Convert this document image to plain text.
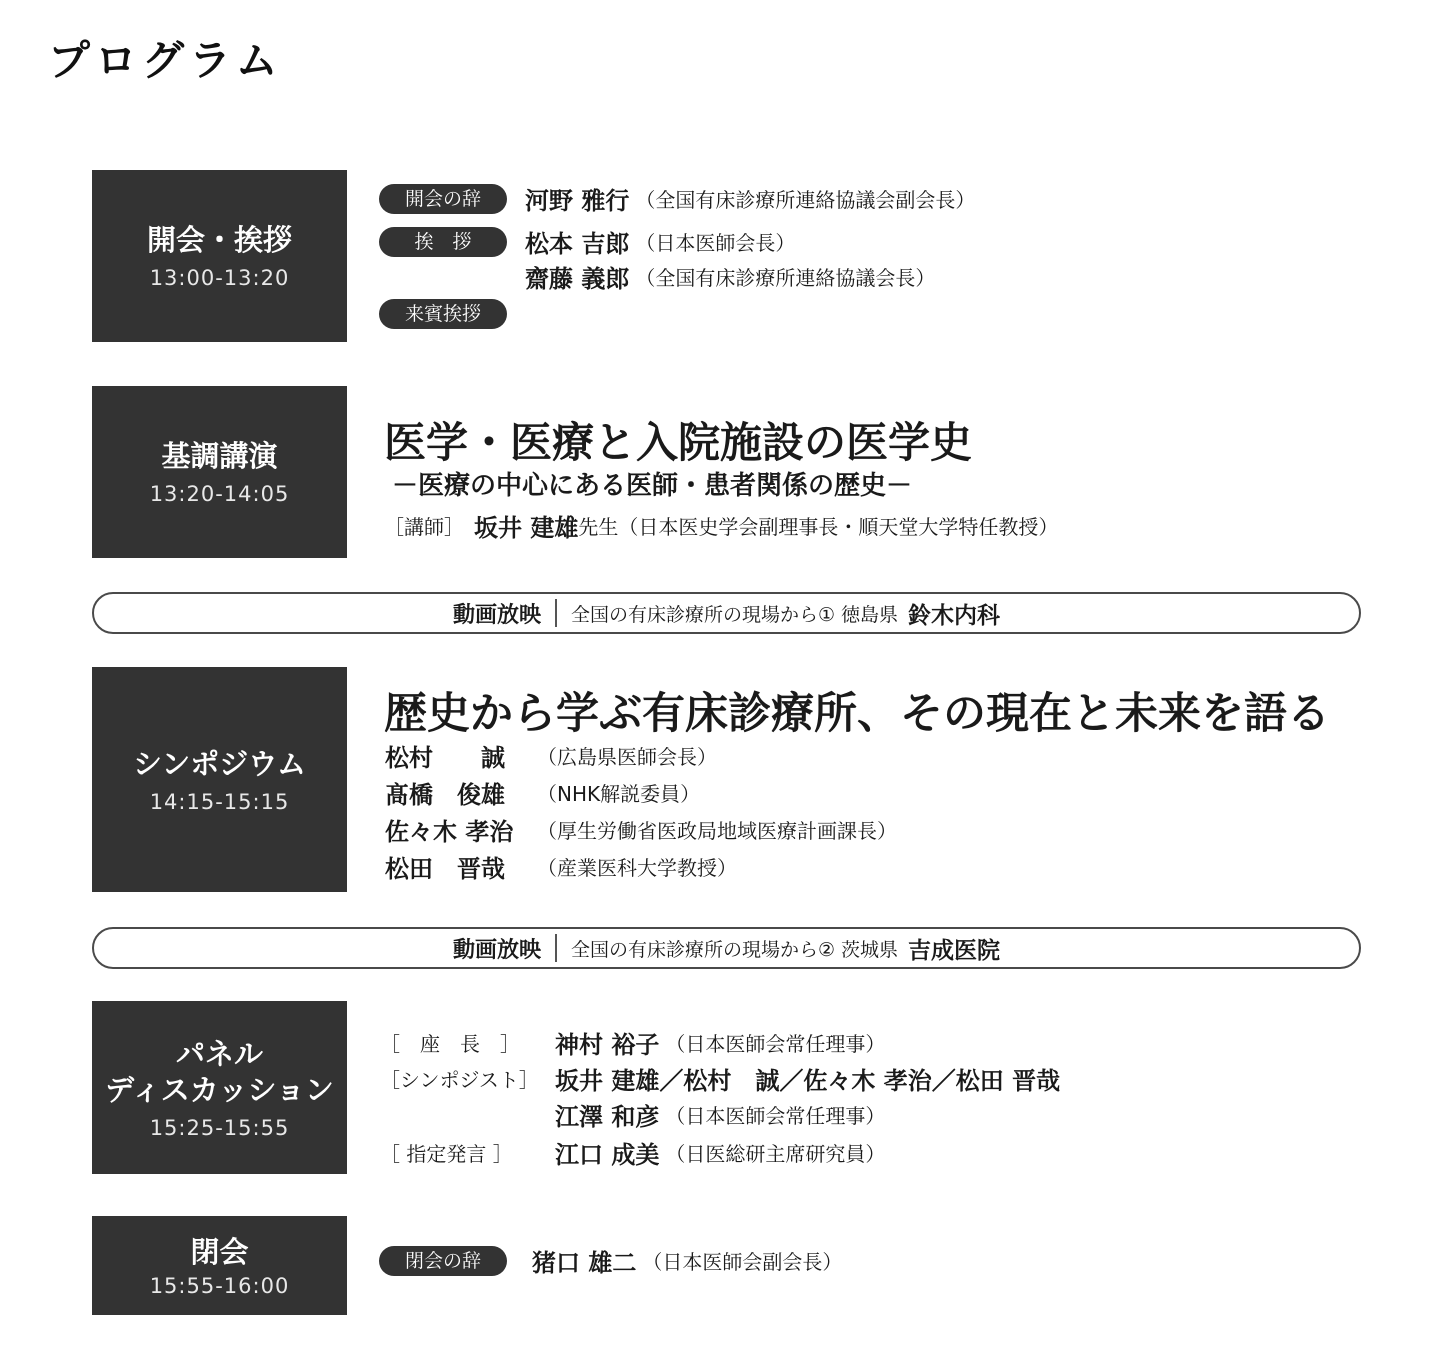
プログラム
開会・挨拶
13:00-13:20
開会の辞	河野 雅行 （全国有床診療所連絡協議会副会長）
挨　拶	松本 吉郎 （日本医師会長）
齋藤 義郎 （全国有床診療所連絡協議会長）
来賓挨拶
基調講演
13:20-14:05
医学・医療と入院施設の医学史
－医療の中心にある医師・患者関係の歴史－
［講師］ 坂井 建雄 先生 （日本医史学会副理事長・順天堂大学特任教授）
動画放映 全国の有床診療所の現場から① 徳島県 鈴木内科
シンポジウム
14:15-15:15
歴史から学ぶ有床診療所、その現在と未来を語る
松村　　誠	（広島県医師会長）
髙橋　俊雄	（NHK解説委員）
佐々木 孝治	（厚生労働省医政局地域医療計画課長）
松田　晋哉	（産業医科大学教授）
動画放映 全国の有床診療所の現場から② 茨城県 吉成医院
パネル
ディスカッション
15:25-15:55
［　座　長　］	神村 裕子 （日本医師会常任理事）
［シンポジスト］ 坂井 建雄／松村　誠／佐々木 孝治／松田 晋哉
江澤 和彦 （日本医師会常任理事）
［ 指定発言 ］	江口 成美 （日医総研主席研究員）
閉会
15:55-16:00
閉会の辞	猪口 雄二 （日本医師会副会長）
